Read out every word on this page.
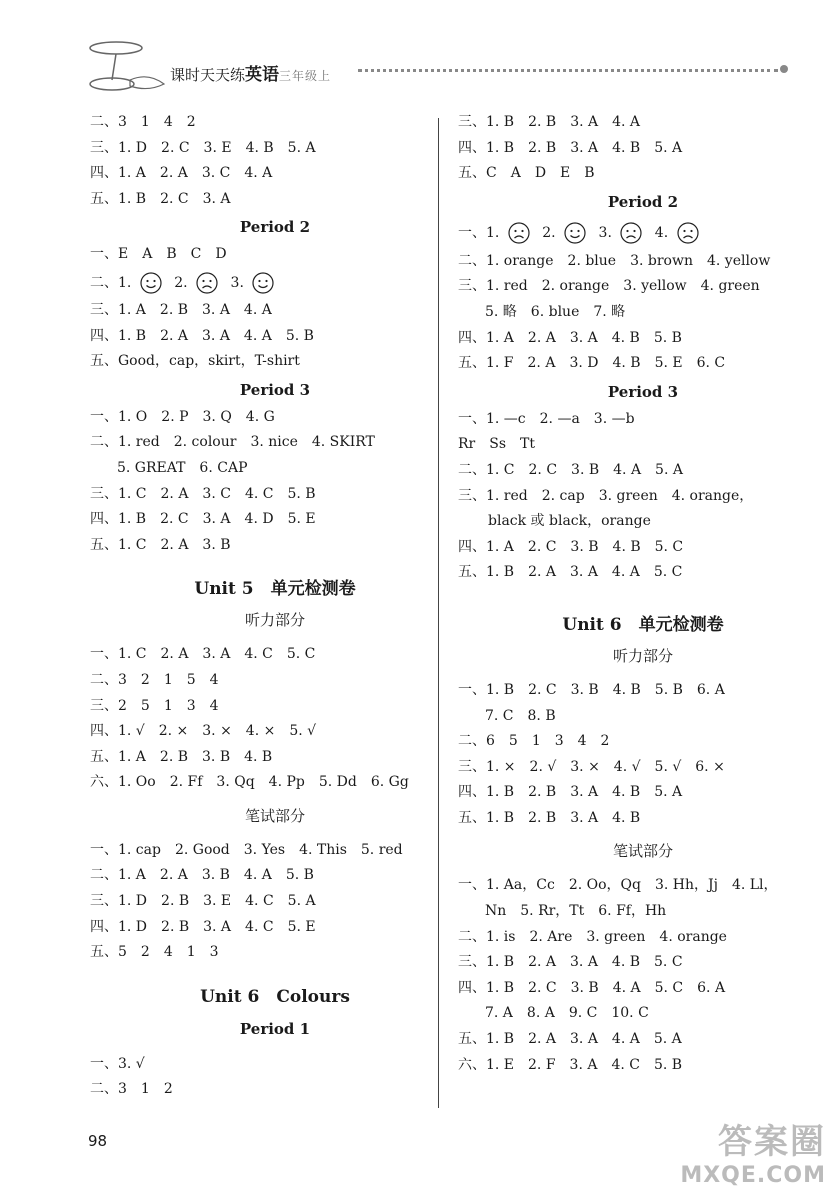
课时天天练英语三年级上
二、3　1　4　2
三、1. D　2. C　3. E　4. B　5. A
四、1. A　2. A　3. C　4. A
五、1. B　2. C　3. A
Period 2
一、E　A　B　C　D
二、1.	2.	3.
三、1. A　2. B　3. A　4. A
四、1. B　2. A　3. A　4. A　5. B
五、Good，cap，skirt，T-shirt
Period 3
一、1. O　2. P　3. Q　4. G
二、1. red　2. colour　3. nice　4. SKIRT
5. GREAT　6. CAP
三、1. C　2. A　3. C　4. C　5. B
四、1. B　2. C　3. A　4. D　5. E
五、1. C　2. A　3. B
Unit 5　单元检测卷
听力部分
一、1. C　2. A　3. A　4. C　5. C
二、3　2　1　5　4
三、2　5　1　3　4
四、1. √　2. ×　3. ×　4. ×　5. √
五、1. A　2. B　3. B　4. B
六、1. Oo　2. Ff　3. Qq　4. Pp　5. Dd　6. Gg
笔试部分
一、1. cap　2. Good　3. Yes　4. This　5. red
二、1. A　2. A　3. B　4. A　5. B
三、1. D　2. B　3. E　4. C　5. A
四、1. D　2. B　3. A　4. C　5. E
五、5　2　4　1　3
Unit 6　Colours
Period 1
一、3. √
二、3　1　2
三、1. B　2. B　3. A　4. A
四、1. B　2. B　3. A　4. B　5. A
五、C　A　D　E　B
Period 2
一、1.	2.	3.	4.
二、1. orange　2. blue　3. brown　4. yellow
三、1. red　2. orange　3. yellow　4. green
5. 略　6. blue　7. 略
四、1. A　2. A　3. A　4. B　5. B
五、1. F　2. A　3. D　4. B　5. E　6. C
Period 3
一、1. —c　2. —a　3. —b
Rr　Ss　Tt
二、1. C　2. C　3. B　4. A　5. A
三、1. red　2. cap　3. green　4. orange，
black 或 black，orange
四、1. A　2. C　3. B　4. B　5. C
五、1. B　2. A　3. A　4. A　5. C
Unit 6　单元检测卷
听力部分
一、1. B　2. C　3. B　4. B　5. B　6. A
7. C　8. B
二、6　5　1　3　4　2
三、1. ×　2. √　3. ×　4. √　5. √　6. ×
四、1. B　2. B　3. A　4. B　5. A
五、1. B　2. B　3. A　4. B
笔试部分
一、1. Aa，Cc　2. Oo，Qq　3. Hh，Jj　4. Ll，
Nn　5. Rr，Tt　6. Ff，Hh
二、1. is　2. Are　3. green　4. orange
三、1. B　2. A　3. A　4. B　5. C
四、1. B　2. C　3. B　4. A　5. C　6. A
7. A　8. A　9. C　10. C
五、1. B　2. A　3. A　4. A　5. A
六、1. E　2. F　3. A　4. C　5. B
98	答案圈
MXQE.COM
